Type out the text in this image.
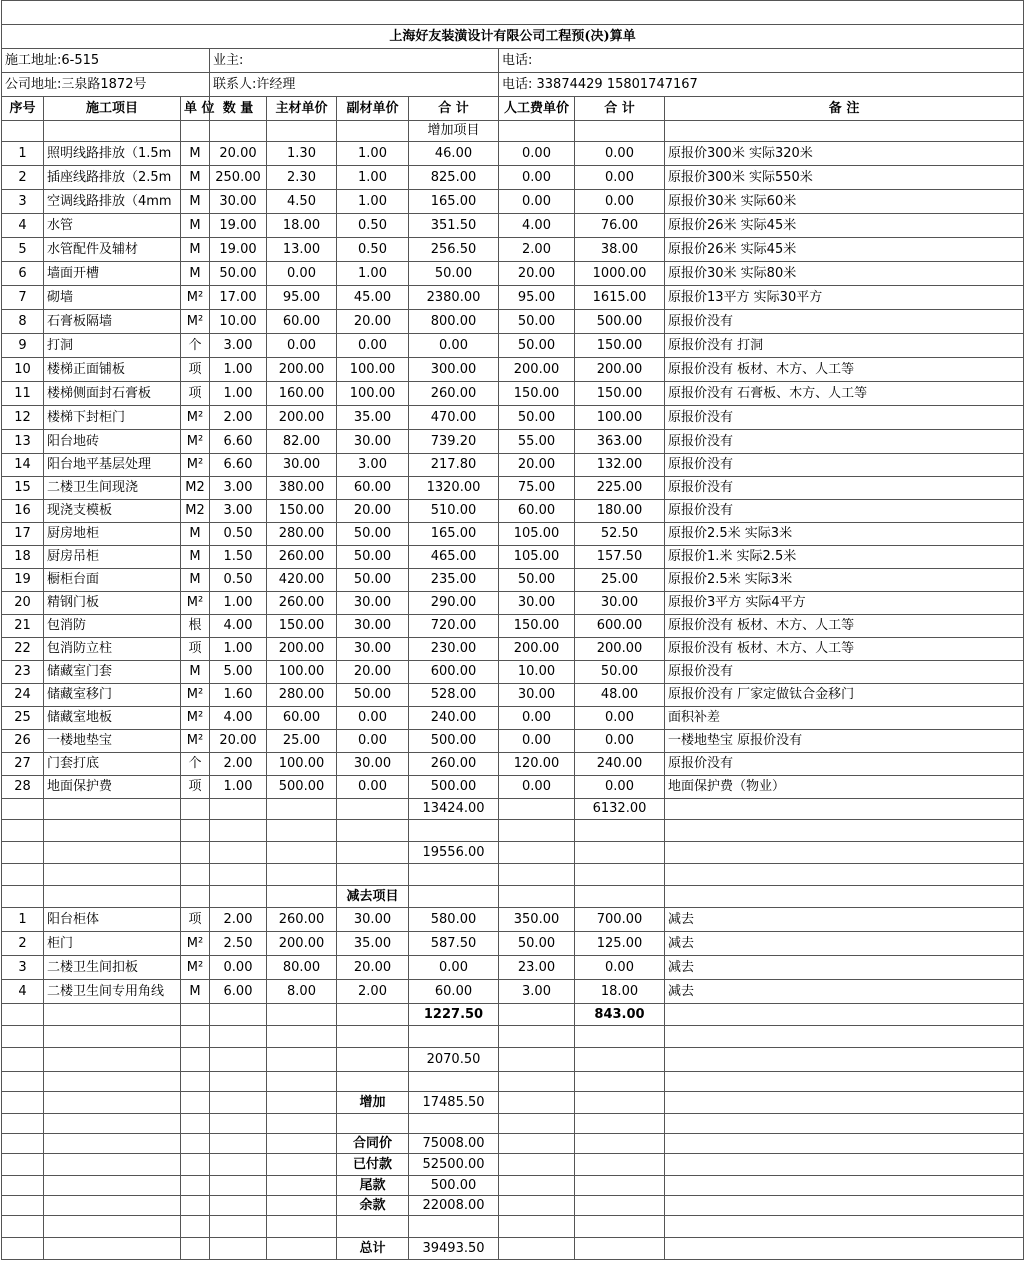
上海好友装潢设计有限公司工程预(决)算单									
施工地址:6-515			业主:				电话:		
公司地址:三泉路1872号			联系人:许经理				电话: 33874429 15801747167		
序号	施工项目	单 位	数 量	主材单价	副材单价	合 计	人工费单价	合 计	备 注
						增加项目			
1	照明线路排放（1.5m	M	20.00	1.30	1.00	46.00	0.00	0.00	原报价300米 实际320米
2	插座线路排放（2.5m	M	250.00	2.30	1.00	825.00	0.00	0.00	原报价300米 实际550米
3	空调线路排放（4mm	M	30.00	4.50	1.00	165.00	0.00	0.00	原报价30米 实际60米
4	水管	M	19.00	18.00	0.50	351.50	4.00	76.00	原报价26米 实际45米
5	水管配件及辅材	M	19.00	13.00	0.50	256.50	2.00	38.00	原报价26米 实际45米
6	墙面开槽	M	50.00	0.00	1.00	50.00	20.00	1000.00	原报价30米 实际80米
7	砌墙	M²	17.00	95.00	45.00	2380.00	95.00	1615.00	原报价13平方 实际30平方
8	石膏板隔墙	M²	10.00	60.00	20.00	800.00	50.00	500.00	原报价没有
9	打洞	个	3.00	0.00	0.00	0.00	50.00	150.00	原报价没有 打洞
10	楼梯正面铺板	项	1.00	200.00	100.00	300.00	200.00	200.00	原报价没有 板材、木方、人工等
11	楼梯侧面封石膏板	项	1.00	160.00	100.00	260.00	150.00	150.00	原报价没有 石膏板、木方、人工等
12	楼梯下封柜门	M²	2.00	200.00	35.00	470.00	50.00	100.00	原报价没有
13	阳台地砖	M²	6.60	82.00	30.00	739.20	55.00	363.00	原报价没有
14	阳台地平基层处理	M²	6.60	30.00	3.00	217.80	20.00	132.00	原报价没有
15	二楼卫生间现浇	M2	3.00	380.00	60.00	1320.00	75.00	225.00	原报价没有
16	现浇支模板	M2	3.00	150.00	20.00	510.00	60.00	180.00	原报价没有
17	厨房地柜	M	0.50	280.00	50.00	165.00	105.00	52.50	原报价2.5米 实际3米
18	厨房吊柜	M	1.50	260.00	50.00	465.00	105.00	157.50	原报价1.米 实际2.5米
19	橱柜台面	M	0.50	420.00	50.00	235.00	50.00	25.00	原报价2.5米 实际3米
20	精钢门板	M²	1.00	260.00	30.00	290.00	30.00	30.00	原报价3平方 实际4平方
21	包消防	根	4.00	150.00	30.00	720.00	150.00	600.00	原报价没有 板材、木方、人工等
22	包消防立柱	项	1.00	200.00	30.00	230.00	200.00	200.00	原报价没有 板材、木方、人工等
23	储藏室门套	M	5.00	100.00	20.00	600.00	10.00	50.00	原报价没有
24	储藏室移门	M²	1.60	280.00	50.00	528.00	30.00	48.00	原报价没有 厂家定做钛合金移门
25	储藏室地板	M²	4.00	60.00	0.00	240.00	0.00	0.00	面积补差
26	一楼地垫宝	M²	20.00	25.00	0.00	500.00	0.00	0.00	一楼地垫宝 原报价没有
27	门套打底	个	2.00	100.00	30.00	260.00	120.00	240.00	原报价没有
28	地面保护费	项	1.00	500.00	0.00	500.00	0.00	0.00	地面保护费（物业）
						13424.00		6132.00	

						19556.00			

					减去项目				
1	阳台柜体	项	2.00	260.00	30.00	580.00	350.00	700.00	减去
2	柜门	M²	2.50	200.00	35.00	587.50	50.00	125.00	减去
3	二楼卫生间扣板	M²	0.00	80.00	20.00	0.00	23.00	0.00	减去
4	二楼卫生间专用角线	M	6.00	8.00	2.00	60.00	3.00	18.00	减去
						1227.50		843.00	

						2070.50			

					增加	17485.50			

					合同价	75008.00			
					已付款	52500.00			
					尾款	500.00			
					余款	22008.00			

					总计	39493.50			
